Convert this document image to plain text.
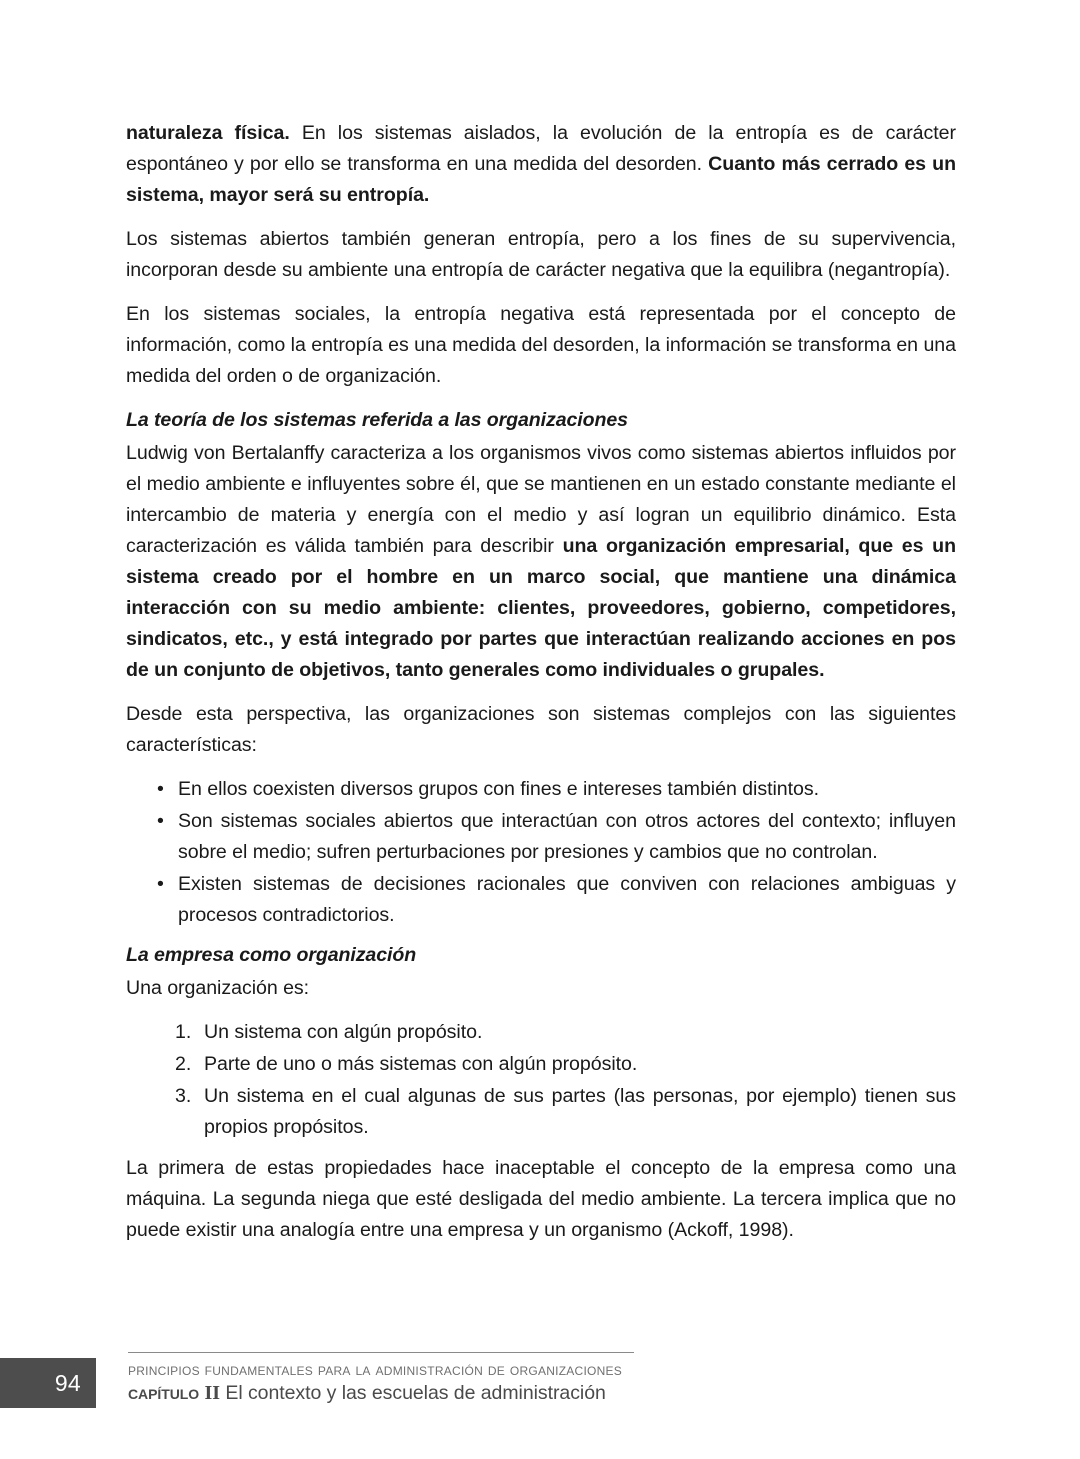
naturaleza física. En los sistemas aislados, la evolución de la entropía es de carácter espontáneo y por ello se transforma en una medida del desorden. Cuanto más cerrado es un sistema, mayor será su entropía.

Los sistemas abiertos también generan entropía, pero a los fines de su supervivencia, incorporan desde su ambiente una entropía de carácter negativa que la equilibra (negantropía).

En los sistemas sociales, la entropía negativa está representada por el concepto de información, como la entropía es una medida del desorden, la información se transforma en una medida del orden o de organización.

La teoría de los sistemas referida a las organizaciones

Ludwig von Bertalanffy caracteriza a los organismos vivos como sistemas abiertos influidos por el medio ambiente e influyentes sobre él, que se mantienen en un estado constante mediante el intercambio de materia y energía con el medio y así logran un equilibrio dinámico. Esta caracterización es válida también para describir una organización empresarial, que es un sistema creado por el hombre en un marco social, que mantiene una dinámica interacción con su medio ambiente: clientes, proveedores, gobierno, competidores, sindicatos, etc., y está integrado por partes que interactúan realizando acciones en pos de un conjunto de objetivos, tanto generales como individuales o grupales.

Desde esta perspectiva, las organizaciones son sistemas complejos con las siguientes características:

• En ellos coexisten diversos grupos con fines e intereses también distintos.
• Son sistemas sociales abiertos que interactúan con otros actores del contexto; influyen sobre el medio; sufren perturbaciones por presiones y cambios que no controlan.
• Existen sistemas de decisiones racionales que conviven con relaciones ambiguas y procesos contradictorios.
La empresa como organización

Una organización es:

1. Un sistema con algún propósito.
2. Parte de uno o más sistemas con algún propósito.
3. Un sistema en el cual algunas de sus partes (las personas, por ejemplo) tienen sus propios propósitos.

La primera de estas propiedades hace inaceptable el concepto de la empresa como una máquina. La segunda niega que esté desligada del medio ambiente. La tercera implica que no puede existir una analogía entre una empresa y un organismo (Ackoff, 1998).

94	principios fundamentales para la administración de organizaciones
capítulo II El contexto y las escuelas de administración
